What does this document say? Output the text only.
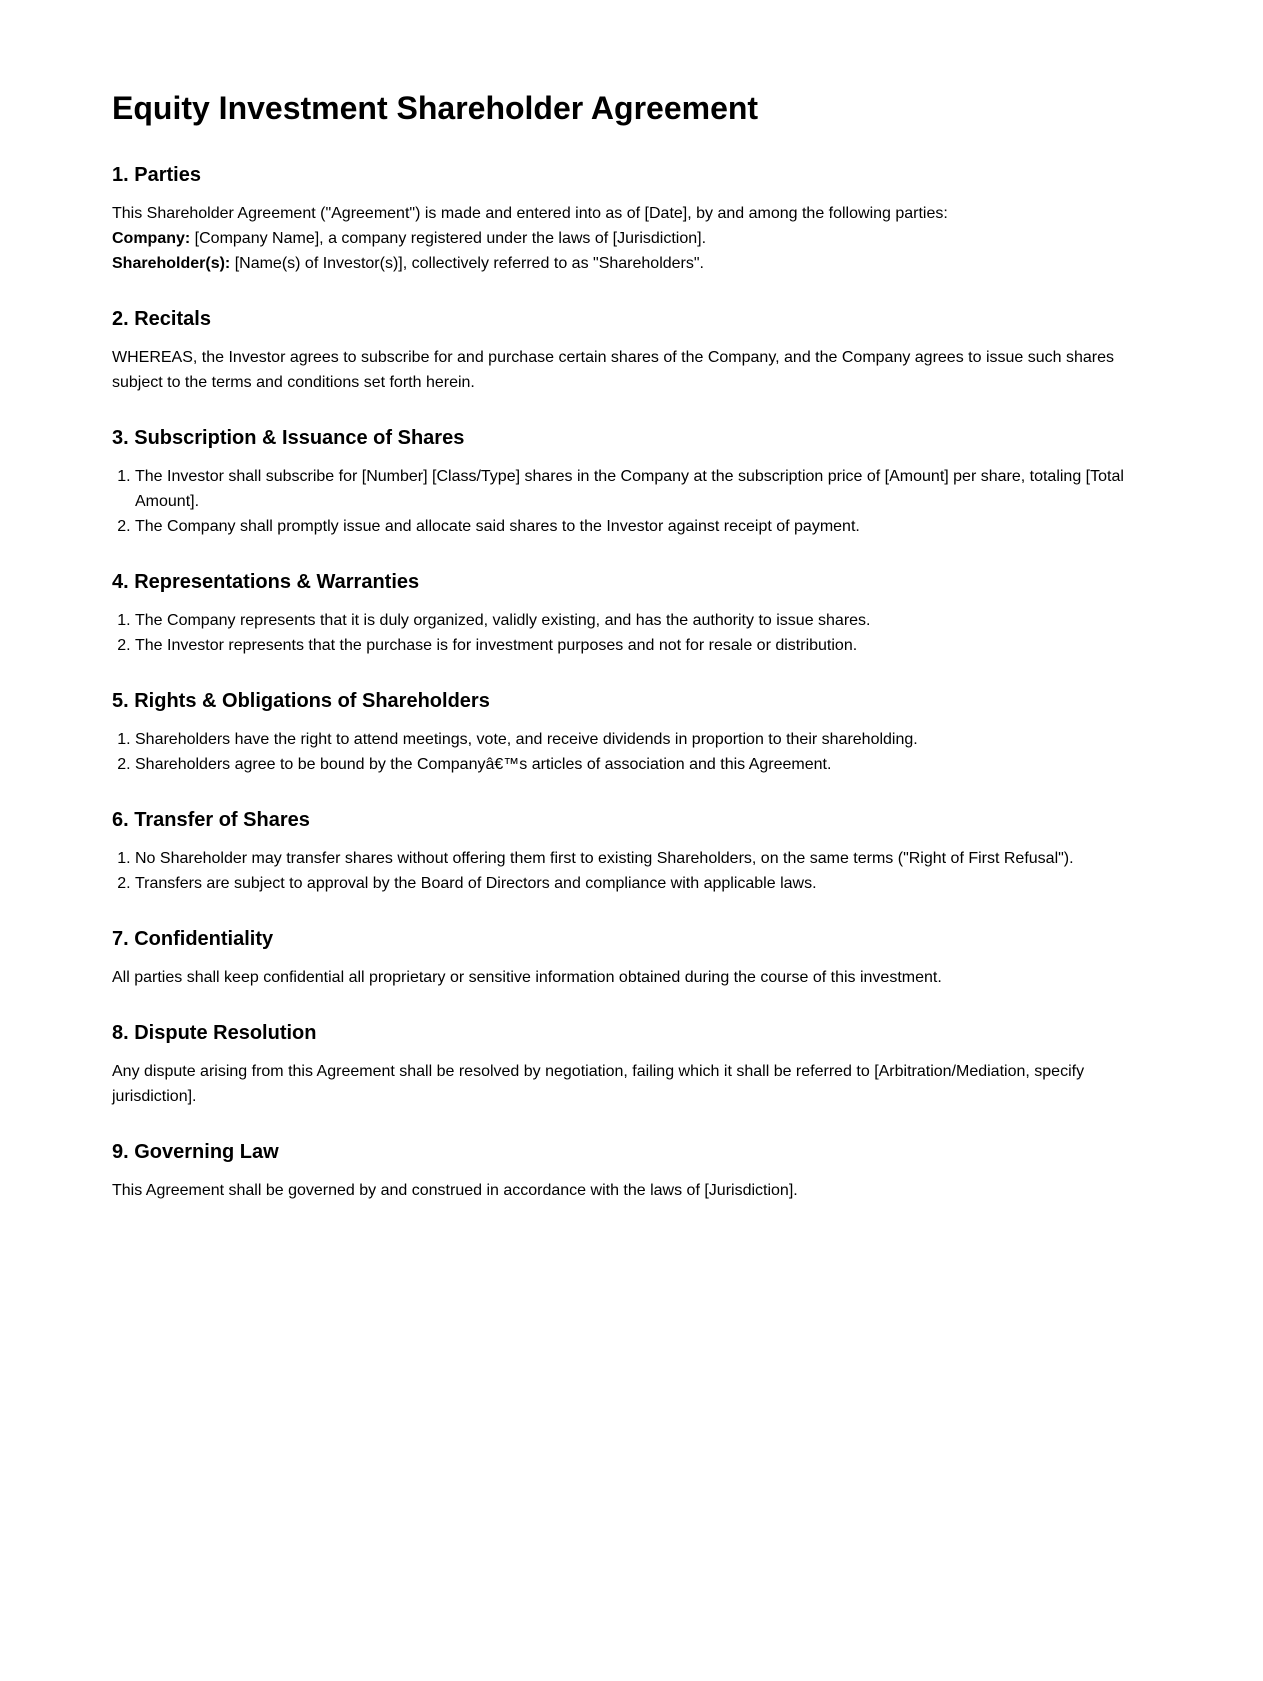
Equity Investment Shareholder Agreement
1. Parties

This Shareholder Agreement ("Agreement") is made and entered into as of [Date], by and among the following parties:

Company: [Company Name], a company registered under the laws of [Jurisdiction].

Shareholder(s): [Name(s) of Investor(s)], collectively referred to as "Shareholders".

2. Recitals

WHEREAS, the Investor agrees to subscribe for and purchase certain shares of the Company, and the Company agrees to issue such shares subject to the terms and conditions set forth herein.

3. Subscription & Issuance of Shares
1. The Investor shall subscribe for [Number] [Class/Type] shares in the Company at the subscription price of [Amount] per share, totaling [Total Amount].
2. The Company shall promptly issue and allocate said shares to the Investor against receipt of payment.
4. Representations & Warranties
1. The Company represents that it is duly organized, validly existing, and has the authority to issue shares.
2. The Investor represents that the purchase is for investment purposes and not for resale or distribution.
5. Rights & Obligations of Shareholders
1. Shareholders have the right to attend meetings, vote, and receive dividends in proportion to their shareholding.
2. Shareholders agree to be bound by the Companyâ€™s articles of association and this Agreement.
6. Transfer of Shares
1. No Shareholder may transfer shares without offering them first to existing Shareholders, on the same terms ("Right of First Refusal").
2. Transfers are subject to approval by the Board of Directors and compliance with applicable laws.
7. Confidentiality

All parties shall keep confidential all proprietary or sensitive information obtained during the course of this investment.

8. Dispute Resolution

Any dispute arising from this Agreement shall be resolved by negotiation, failing which it shall be referred to [Arbitration/Mediation, specify jurisdiction].

9. Governing Law

This Agreement shall be governed by and construed in accordance with the laws of [Jurisdiction].
